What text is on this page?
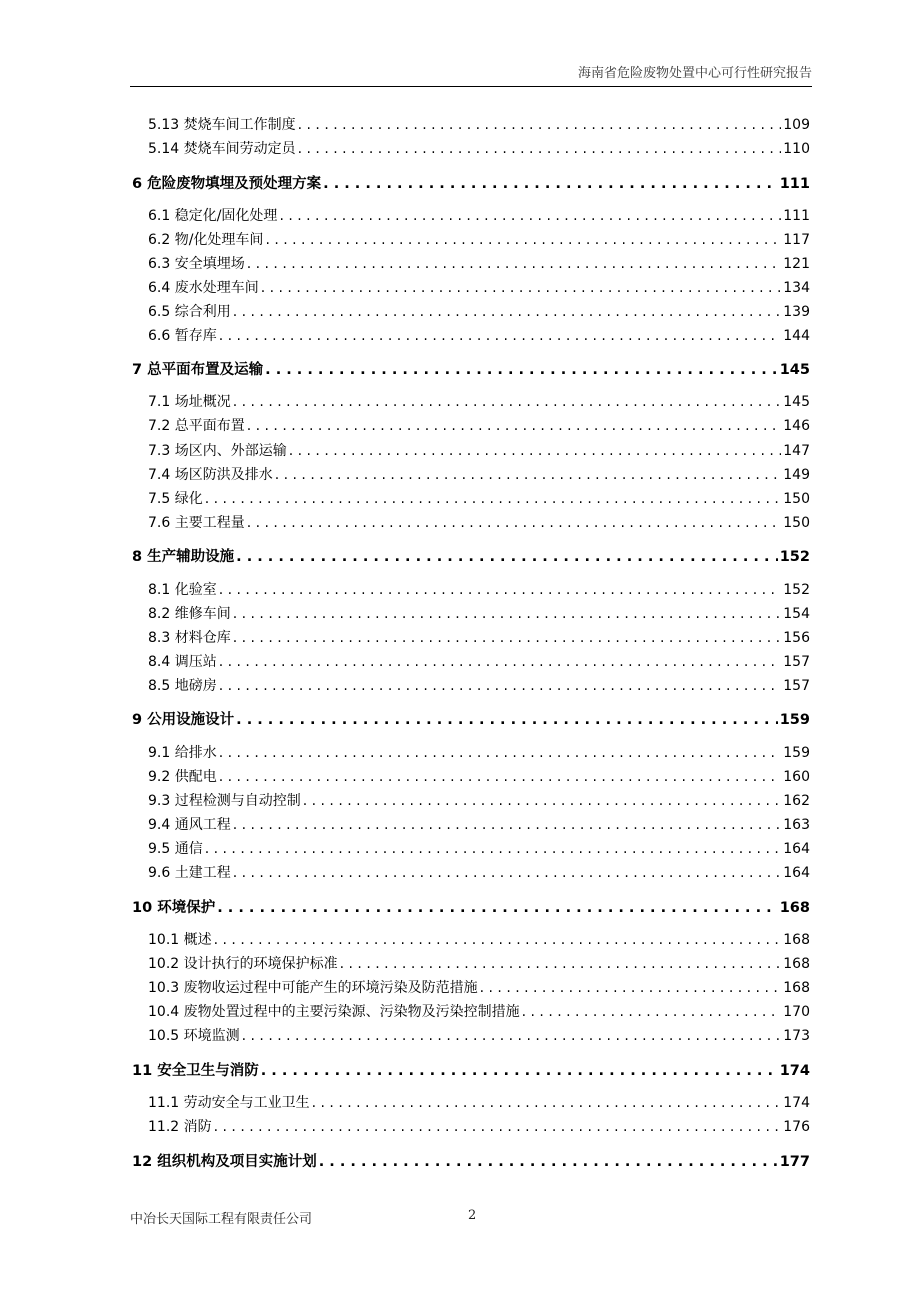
海南省危险废物处置中心可行性研究报告
5.13 焚烧车间工作制度 . . .	109
5.14 焚烧车间劳动定员 . . .	110
6 危险废物填埋及预处理方案 . . .	111
6.1 稳定化/固化处理 . . .	111
6.2 物/化处理车间 . . .	117
6.3 安全填埋场 . . .	121
6.4 废水处理车间 . . .	134
6.5 综合利用 . . .	139
6.6 暂存库 . . .	144
7 总平面布置及运输 . . .	145
7.1 场址概况 . . .	145
7.2 总平面布置 . . .	146
7.3 场区内、外部运输 . . .	147
7.4 场区防洪及排水 . . .	149
7.5 绿化 . . .	150
7.6 主要工程量 . . .	150
8 生产辅助设施 . . .	152
8.1 化验室 . . .	152
8.2 维修车间 . . .	154
8.3 材料仓库 . . .	156
8.4 调压站 . . .	157
8.5 地磅房 . . .	157
9 公用设施设计 . . .	159
9.1 给排水 . . .	159
9.2 供配电 . . .	160
9.3 过程检测与自动控制 . . .	162
9.4 通风工程 . . .	163
9.5 通信 . . .	164
9.6 土建工程 . . .	164
10 环境保护 . . .	168
10.1 概述 . . .	168
10.2 设计执行的环境保护标准 . . .	168
10.3 废物收运过程中可能产生的环境污染及防范措施 . . .	168
10.4 废物处置过程中的主要污染源、污染物及污染控制措施 . . .	170
10.5 环境监测 . . .	173
11 安全卫生与消防 . . .	174
11.1 劳动安全与工业卫生 . . .	174
11.2 消防 . . .	176
12 组织机构及项目实施计划 . . .	177
中冶长天国际工程有限责任公司	2
